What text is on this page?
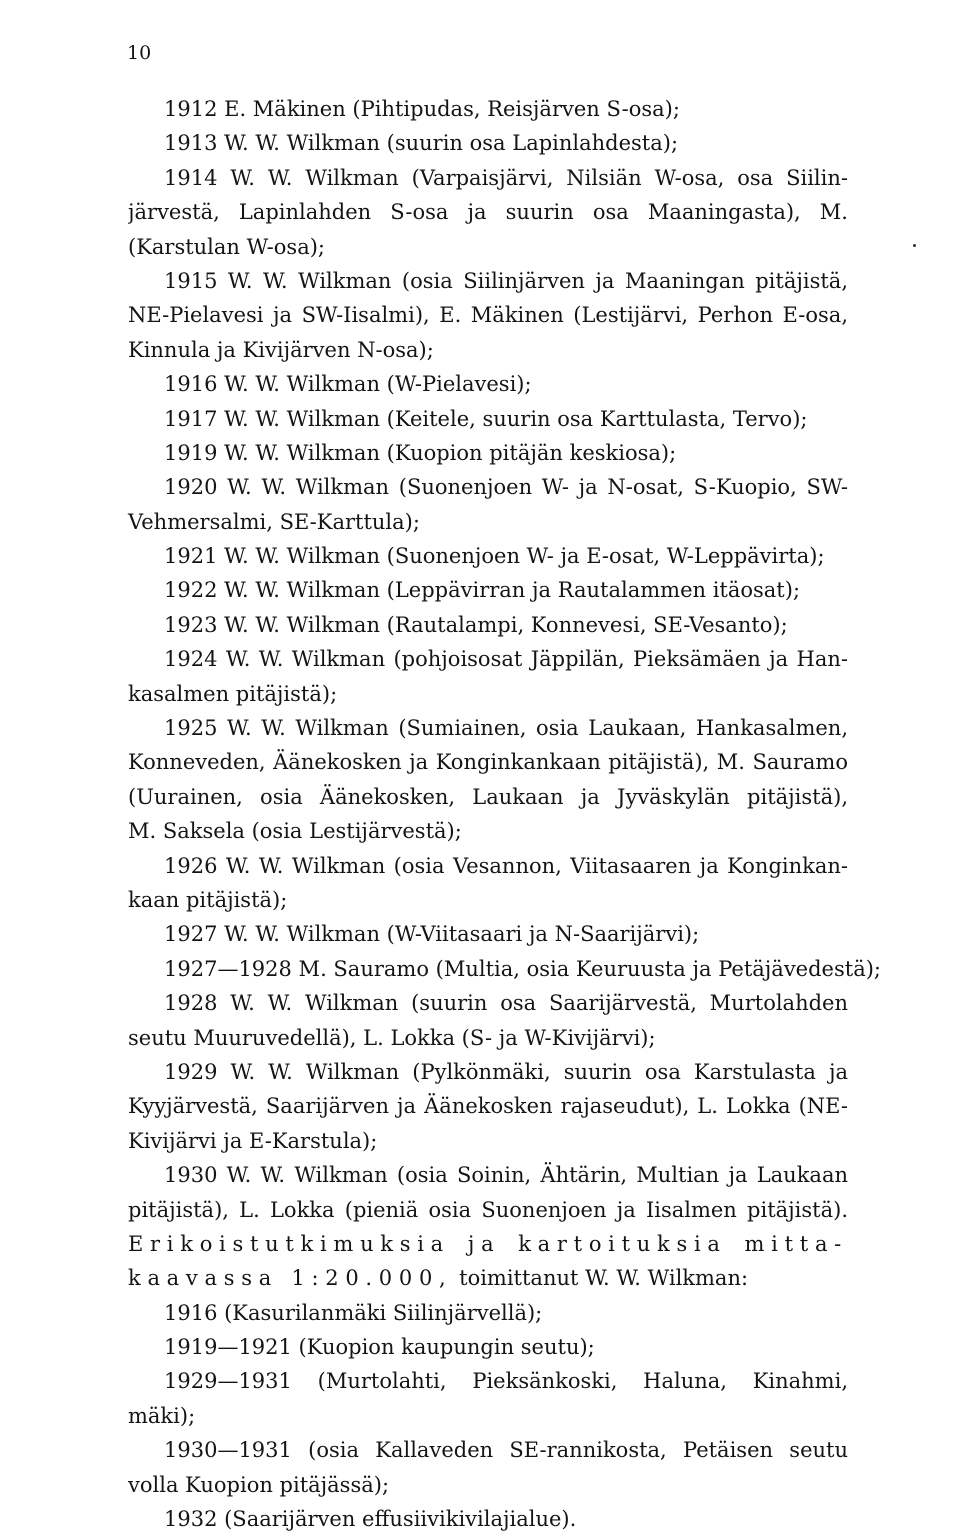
10
1912 E. Mäkinen (Pihtipudas, Reisjärven S-osa);
1913 W. W. Wilkman (suurin osa Lapinlahdesta);
1914 W. W. Wilkman (Varpaisjärvi, Nilsiän W-osa, osa Siilin-
järvestä, Lapinlahden S-osa ja suurin osa Maaningasta), M.
(Karstulan W-osa);
1915 W. W. Wilkman (osia Siilinjärven ja Maaningan pitäjistä,
NE-Pielavesi ja SW-Iisalmi), E. Mäkinen (Lestijärvi, Perhon E-osa,
Kinnula ja Kivijärven N-osa);
1916 W. W. Wilkman (W-Pielavesi);
1917 W. W. Wilkman (Keitele, suurin osa Karttulasta, Tervo);
1919 W. W. Wilkman (Kuopion pitäjän keskiosa);
1920 W. W. Wilkman (Suonenjoen W- ja N-osat, S-Kuopio, SW-
Vehmersalmi, SE-Karttula);
1921 W. W. Wilkman (Suonenjoen W- ja E-osat, W-Leppävirta);
1922 W. W. Wilkman (Leppävirran ja Rautalammen itäosat);
1923 W. W. Wilkman (Rautalampi, Konnevesi, SE-Vesanto);
1924 W. W. Wilkman (pohjoisosat Jäppilän, Pieksämäen ja Han-
kasalmen pitäjistä);
1925 W. W. Wilkman (Sumiainen, osia Laukaan, Hankasalmen,
Konneveden, Äänekosken ja Konginkankaan pitäjistä), M. Sauramo
(Uurainen, osia Äänekosken, Laukaan ja Jyväskylän pitäjistä),
M. Saksela (osia Lestijärvestä);
1926 W. W. Wilkman (osia Vesannon, Viitasaaren ja Konginkan-
kaan pitäjistä);
1927 W. W. Wilkman (W-Viitasaari ja N-Saarijärvi);
1927—1928 M. Sauramo (Multia, osia Keuruusta ja Petäjävedestä);
1928 W. W. Wilkman (suurin osa Saarijärvestä, Murtolahden
seutu Muuruvedellä), L. Lokka (S- ja W-Kivijärvi);
1929 W. W. Wilkman (Pylkönmäki, suurin osa Karstulasta ja
Kyyjärvestä, Saarijärven ja Äänekosken rajaseudut), L. Lokka (NE-
Kivijärvi ja E-Karstula);
1930 W. W. Wilkman (osia Soinin, Ähtärin, Multian ja Laukaan
pitäjistä), L. Lokka (pieniä osia Suonenjoen ja Iisalmen pitäjistä).
Erikoistutkimuksia ja kartoituksia mitta-
kaavassa 1:20.000, toimittanut W. W. Wilkman:
1916 (Kasurilanmäki Siilinjärvellä);
1919—1921 (Kuopion kaupungin seutu);
1929—1931 (Murtolahti, Pieksänkoski, Haluna, Kinahmi,
mäki);
1930—1931 (osia Kallaveden SE-rannikosta, Petäisen seutu
volla Kuopion pitäjässä);
1932 (Saarijärven effusiivikivilajialue).
